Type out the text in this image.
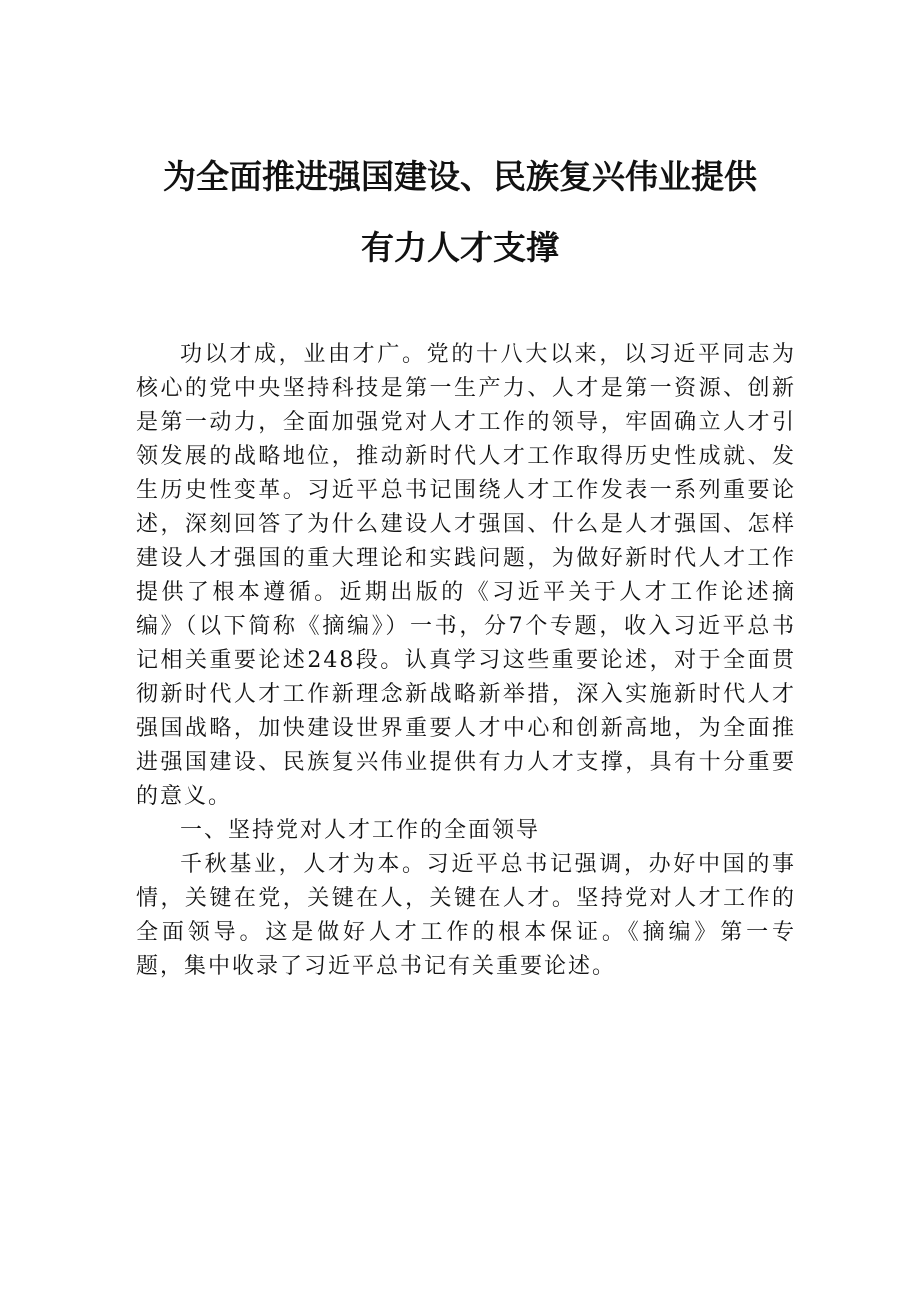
为全面推进强国建设、民族复兴伟业提供
有力人才支撑

功以才成，业由才广。党的十八大以来，以习近平同志为核心的党中央坚持科技是第一生产力、人才是第一资源、创新是第一动力，全面加强党对人才工作的领导，牢固确立人才引领发展的战略地位，推动新时代人才工作取得历史性成就、发生历史性变革。习近平总书记围绕人才工作发表一系列重要论述，深刻回答了为什么建设人才强国、什么是人才强国、怎样建设人才强国的重大理论和实践问题，为做好新时代人才工作提供了根本遵循。近期出版的《习近平关于人才工作论述摘编》（以下简称《摘编》）一书，分7个专题，收入习近平总书记相关重要论述248段。认真学习这些重要论述，对于全面贯彻新时代人才工作新理念新战略新举措，深入实施新时代人才强国战略，加快建设世界重要人才中心和创新高地，为全面推进强国建设、民族复兴伟业提供有力人才支撑，具有十分重要的意义。

一、坚持党对人才工作的全面领导

千秋基业，人才为本。习近平总书记强调，办好中国的事情，关键在党，关键在人，关键在人才。坚持党对人才工作的全面领导。这是做好人才工作的根本保证。《摘编》第一专题，集中收录了习近平总书记有关重要论述。
